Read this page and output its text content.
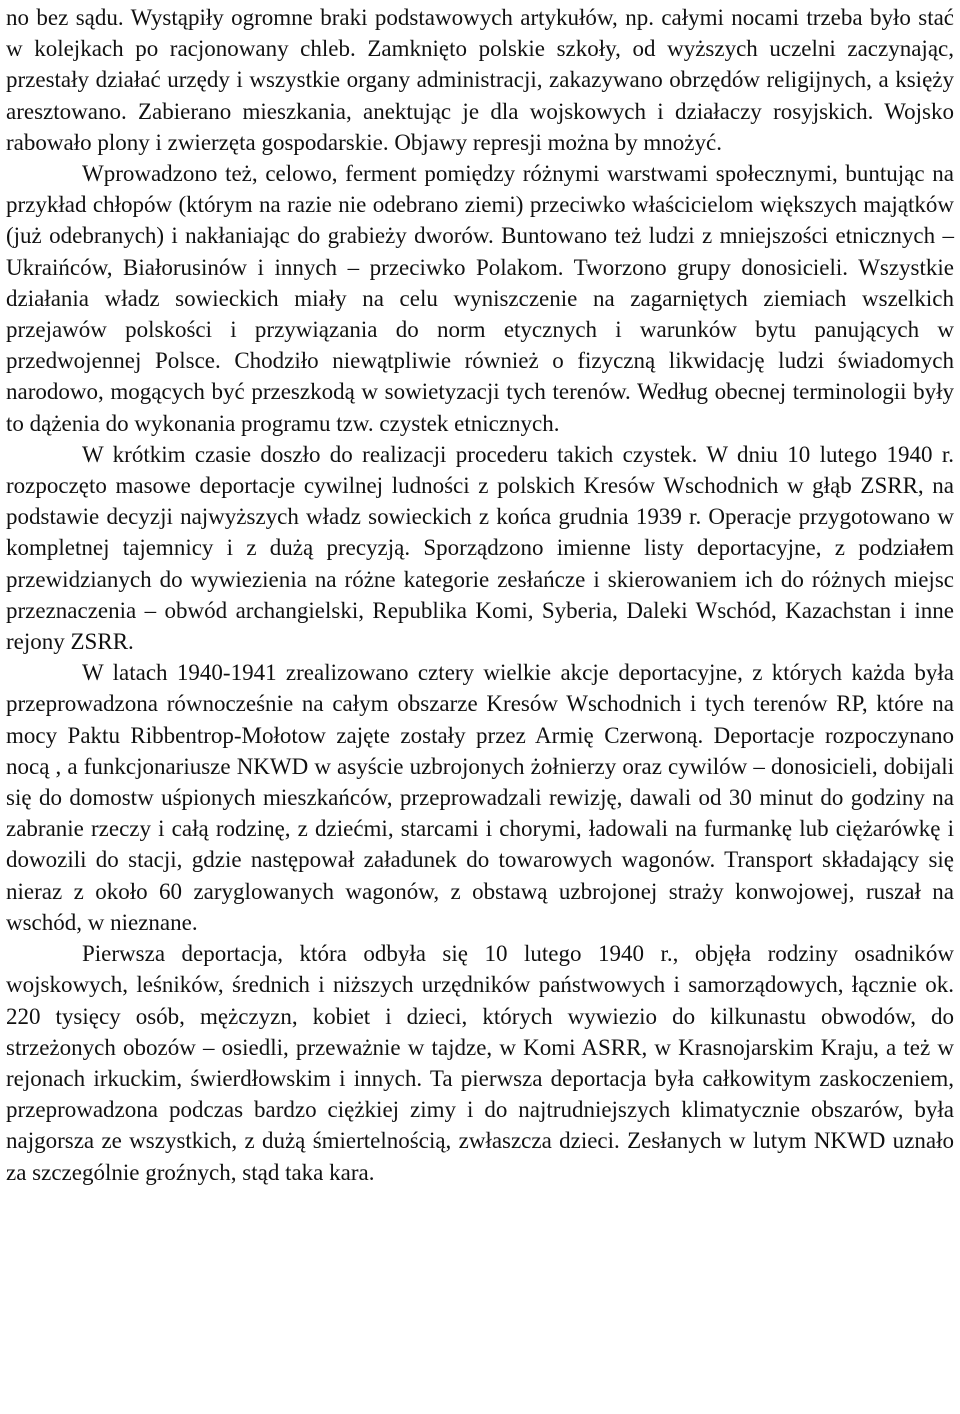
no bez sądu. Wystąpiły ogromne braki podstawowych artykułów, np. całymi nocami trzeba było stać w kolejkach po racjonowany chleb. Zamknięto polskie szkoły, od wyższych uczelni zaczynając, przestały działać urzędy i wszystkie organy administracji, zakazywano obrzędów religijnych, a księży aresztowano. Zabierano mieszkania, anektując je dla wojskowych i działaczy rosyjskich. Wojsko rabowało plony i zwierzęta gospodarskie. Objawy represji można by mnożyć.

Wprowadzono też, celowo, ferment pomiędzy różnymi warstwami społecznymi, buntując na przykład chłopów (którym na razie nie odebrano ziemi) przeciwko właścicielom większych majątków (już odebranych) i nakłaniając do grabieży dworów. Buntowano też ludzi z mniejszości etnicznych – Ukraińców, Białorusinów i innych – przeciwko Polakom. Tworzono grupy donosicieli. Wszystkie działania władz sowieckich miały na celu wyniszczenie na zagarniętych ziemiach wszelkich przejawów polskości i przywiązania do norm etycznych i warunków bytu panujących w przedwojennej Polsce. Chodziło niewątpliwie również o fizyczną likwidację ludzi świadomych narodowo, mogących być przeszkodą w sowietyzacji tych terenów. Według obecnej terminologii były to dążenia do wykonania programu tzw. czystek etnicznych.

W krótkim czasie doszło do realizacji procederu takich czystek. W dniu 10 lutego 1940 r. rozpoczęto masowe deportacje cywilnej ludności z polskich Kresów Wschodnich w głąb ZSRR, na podstawie decyzji najwyższych władz sowieckich z końca grudnia 1939 r. Operacje przygotowano w kompletnej tajemnicy i z dużą precyzją. Sporządzono imienne listy deportacyjne, z podziałem przewidzianych do wywiezienia na różne kategorie zesłańcze i skierowaniem ich do różnych miejsc przeznaczenia – obwód archangielski, Republika Komi, Syberia, Daleki Wschód, Kazachstan i inne rejony ZSRR.

W latach 1940-1941 zrealizowano cztery wielkie akcje deportacyjne, z których każda była przeprowadzona równocześnie na całym obszarze Kresów Wschodnich i tych terenów RP, które na mocy Paktu Ribbentrop-Mołotow zajęte zostały przez Armię Czerwoną. Deportacje rozpoczynano nocą , a funkcjonariusze NKWD w asyście uzbrojonych żołnierzy oraz cywilów – donosicieli, dobijali się do domostw uśpionych mieszkańców, przeprowadzali rewizję, dawali od 30 minut do godziny na zabranie rzeczy i całą rodzinę, z dziećmi, starcami i chorymi, ładowali na furmankę lub ciężarówkę i dowozili do stacji, gdzie następował załadunek do towarowych wagonów. Transport składający się nieraz z około 60 zaryglowanych wagonów, z obstawą uzbrojonej straży konwojowej, ruszał na wschód, w nieznane.

Pierwsza deportacja, która odbyła się 10 lutego 1940 r., objęła rodziny osadników wojskowych, leśników, średnich i niższych urzędników państwowych i samorządowych, łącznie ok. 220 tysięcy osób, mężczyzn, kobiet i dzieci, których wywiezio do kilkunastu obwodów, do strzeżonych obozów – osiedli, przeważnie w tajdze, w Komi ASRR, w Krasnojarskim Kraju, a też w rejonach irkuckim, świerdłowskim i innych. Ta pierwsza deportacja była całkowitym zaskoczeniem, przeprowadzona podczas bardzo ciężkiej zimy i do najtrudniejszych klimatycznie obszarów, była najgorsza ze wszystkich, z dużą śmiertelnością, zwłaszcza dzieci. Zesłanych w lutym NKWD uznało za szczególnie groźnych, stąd taka kara.
